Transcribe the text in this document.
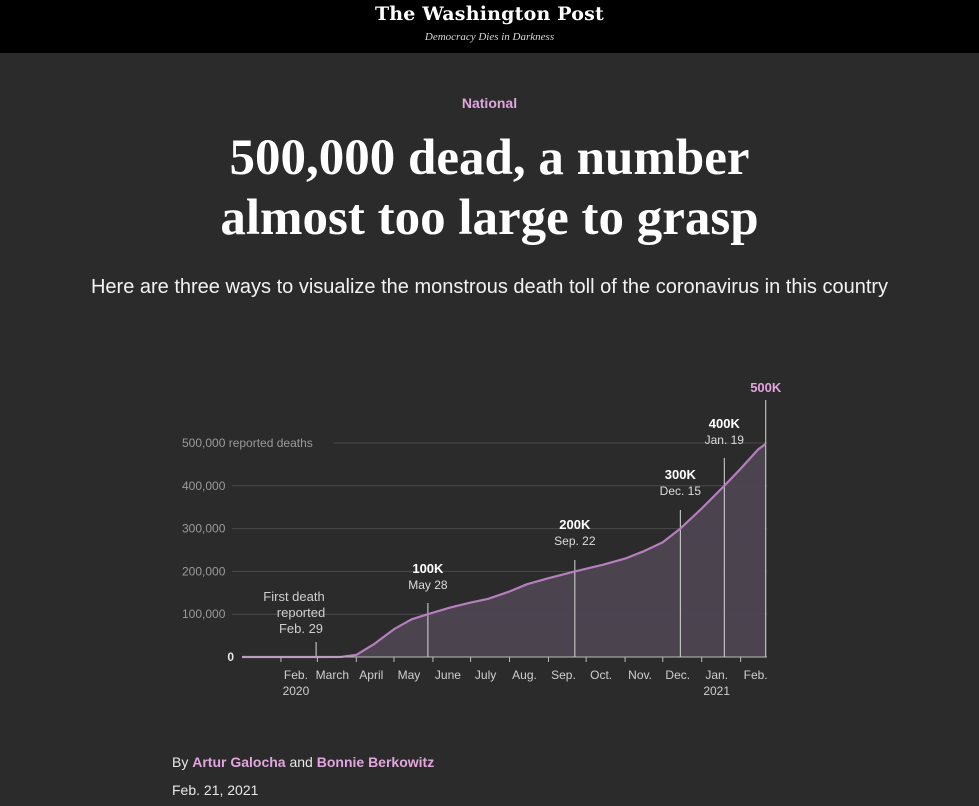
The Washington Post
Democracy Dies in Darkness
National
500,000 dead, a number
almost too large to grasp
Here are three ways to visualize the monstrous death toll of the coronavirus in this country
500,000 reported deaths
400,000
300,000
200,000
100,000
0
Feb.
2020
March April May June July Aug. Sep. Oct. Nov. Dec. Jan.
2021
Feb.
First death
reported
Feb. 29
100K
May 28
200K
Sep. 22
300K
Dec. 15
400K
Jan. 19
500K
By Artur Galocha and Bonnie Berkowitz
Feb. 21, 2021
